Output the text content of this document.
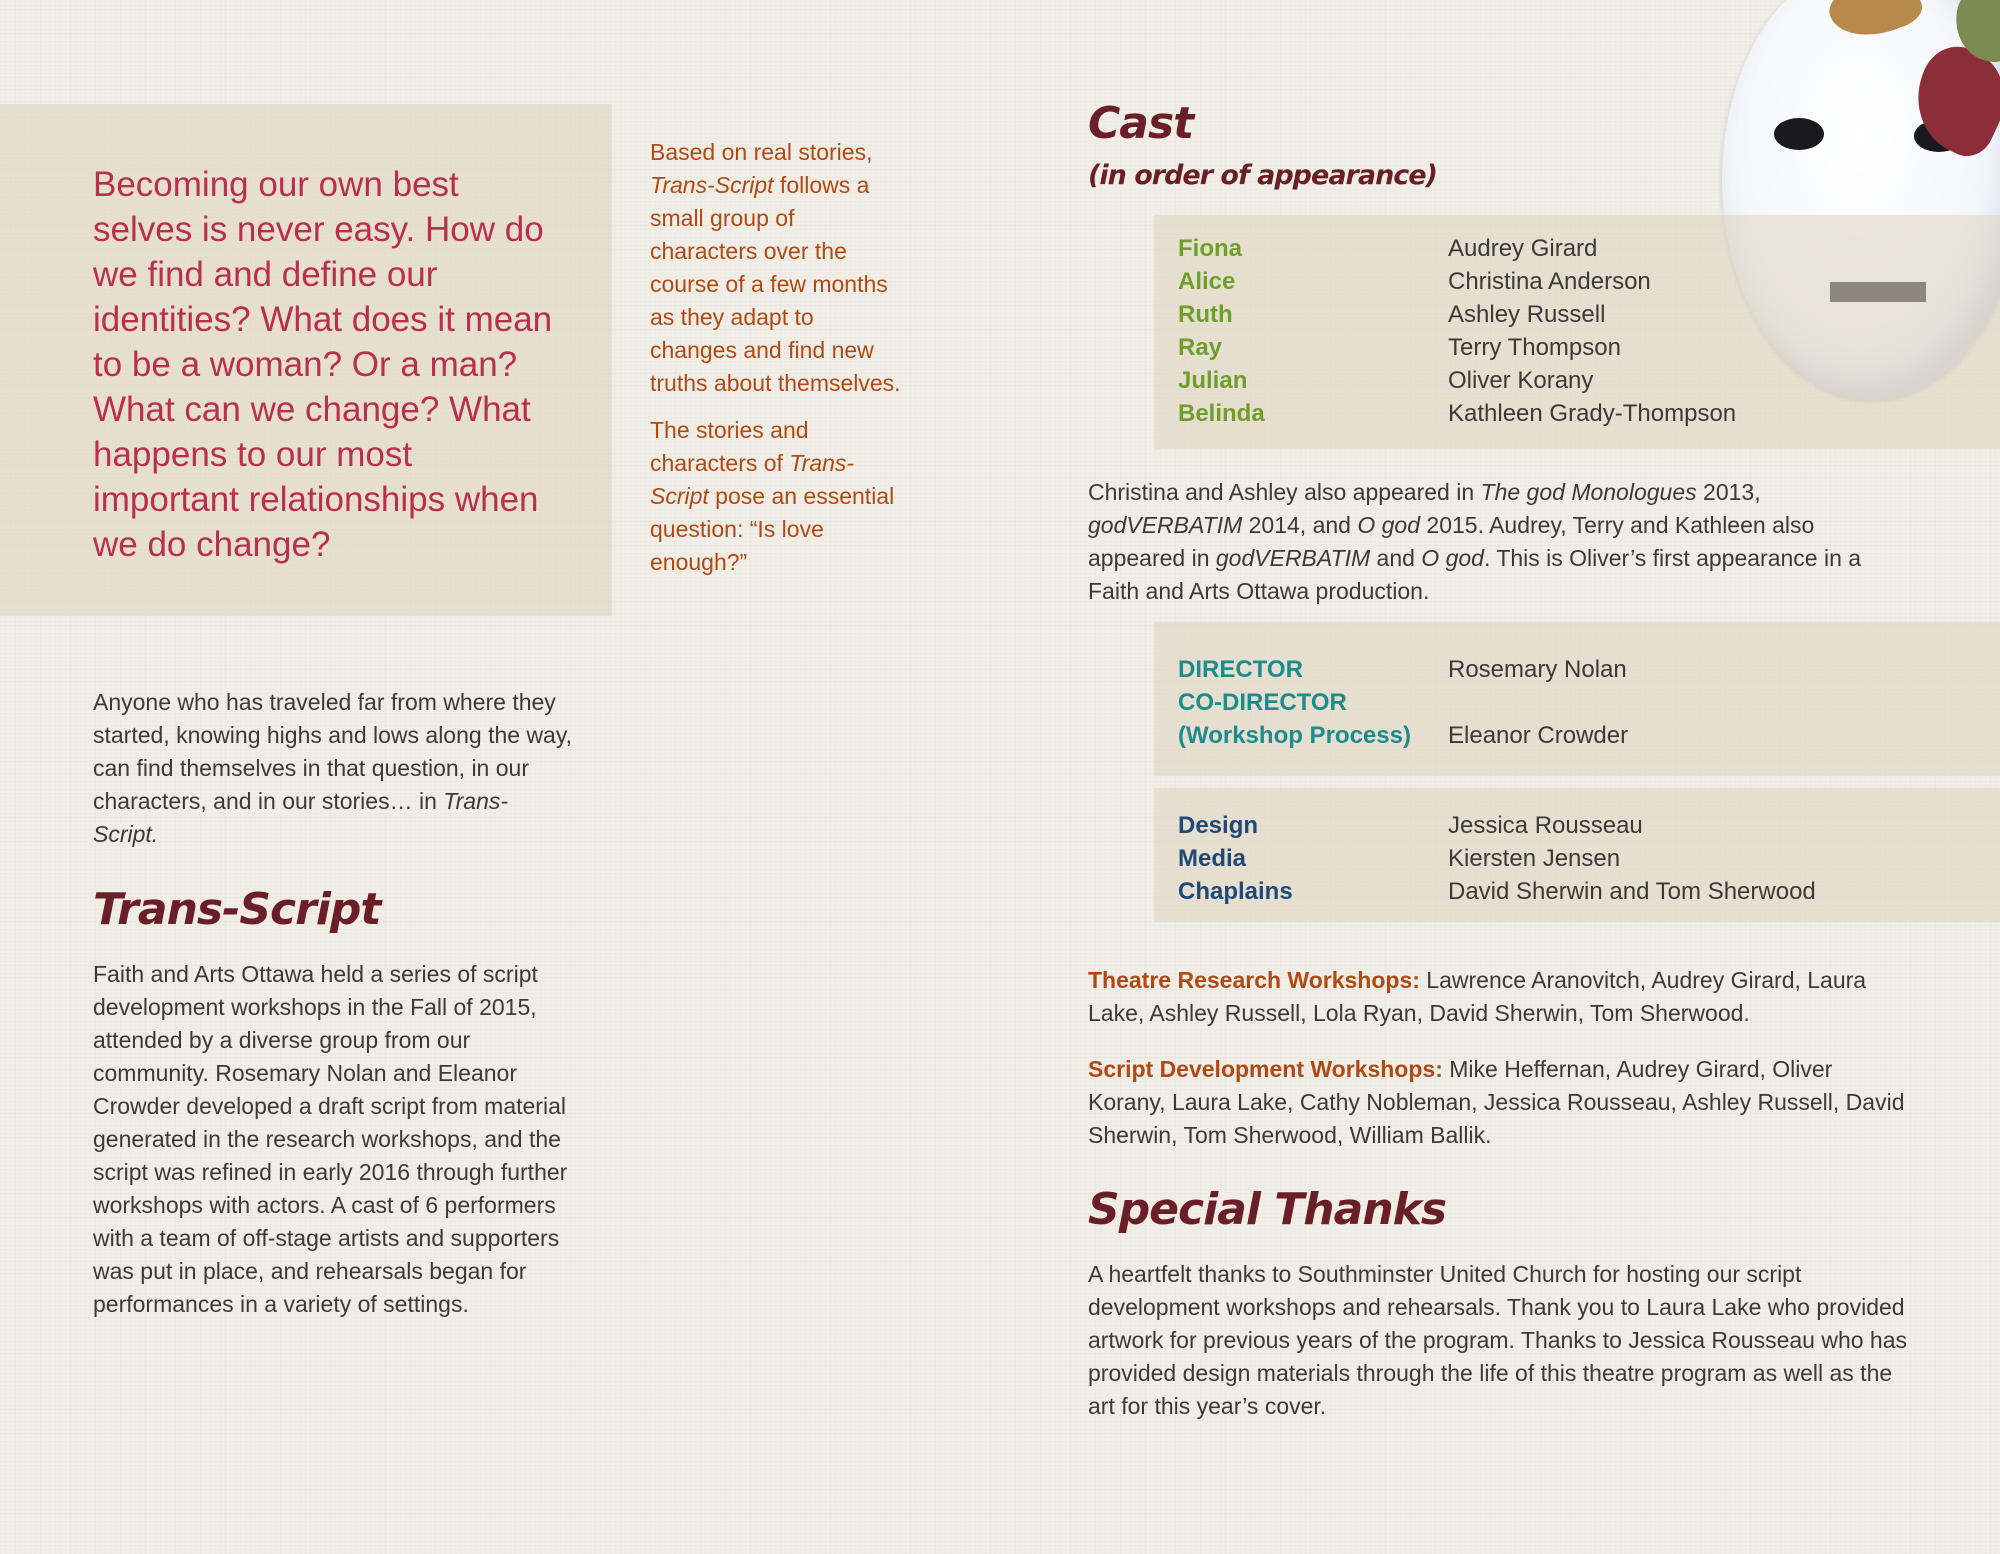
Becoming our own best selves is never easy. How do we find and define our identities? What does it mean to be a woman? Or a man? What can we change? What happens to our most important relationships when we do change?

Based on real stories, Trans-Script follows a small group of characters over the course of a few months as they adapt to changes and find new truths about themselves.

The stories and characters of Trans-Script pose an essential question: “Is love enough?”

Anyone who has traveled far from where they started, knowing highs and lows along the way, can find themselves in that question, in our characters, and in our stories… in Trans-Script.
Trans-Script
Faith and Arts Ottawa held a series of script development workshops in the Fall of 2015, attended by a diverse group from our community. Rosemary Nolan and Eleanor Crowder developed a draft script from material generated in the research workshops, and the script was refined in early 2016 through further workshops with actors. A cast of 6 performers with a team of off-stage artists and supporters was put in place, and rehearsals began for performances in a variety of settings.
Cast
(in order of appearance)
Fiona	Audrey Girard
Alice	Christina Anderson
Ruth	Ashley Russell
Ray	Terry Thompson
Julian	Oliver Korany
Belinda	Kathleen Grady-Thompson
Christina and Ashley also appeared in The god Monologues 2013, godVERBATIM 2014, and O god 2015. Audrey, Terry and Kathleen also appeared in godVERBATIM and O god. This is Oliver’s first appearance in a Faith and Arts Ottawa production.
DIRECTOR	Rosemary Nolan
CO-DIRECTOR
(Workshop Process)	Eleanor Crowder
Design	Jessica Rousseau
Media	Kiersten Jensen
Chaplains	David Sherwin and Tom Sherwood
Theatre Research Workshops: Lawrence Aranovitch, Audrey Girard, Laura Lake, Ashley Russell, Lola Ryan, David Sherwin, Tom Sherwood.
Script Development Workshops: Mike Heffernan, Audrey Girard, Oliver Korany, Laura Lake, Cathy Nobleman, Jessica Rousseau, Ashley Russell, David Sherwin, Tom Sherwood, William Ballik.
Special Thanks
A heartfelt thanks to Southminster United Church for hosting our script development workshops and rehearsals. Thank you to Laura Lake who provided artwork for previous years of the program. Thanks to Jessica Rousseau who has provided design materials through the life of this theatre program as well as the art for this year’s cover.
